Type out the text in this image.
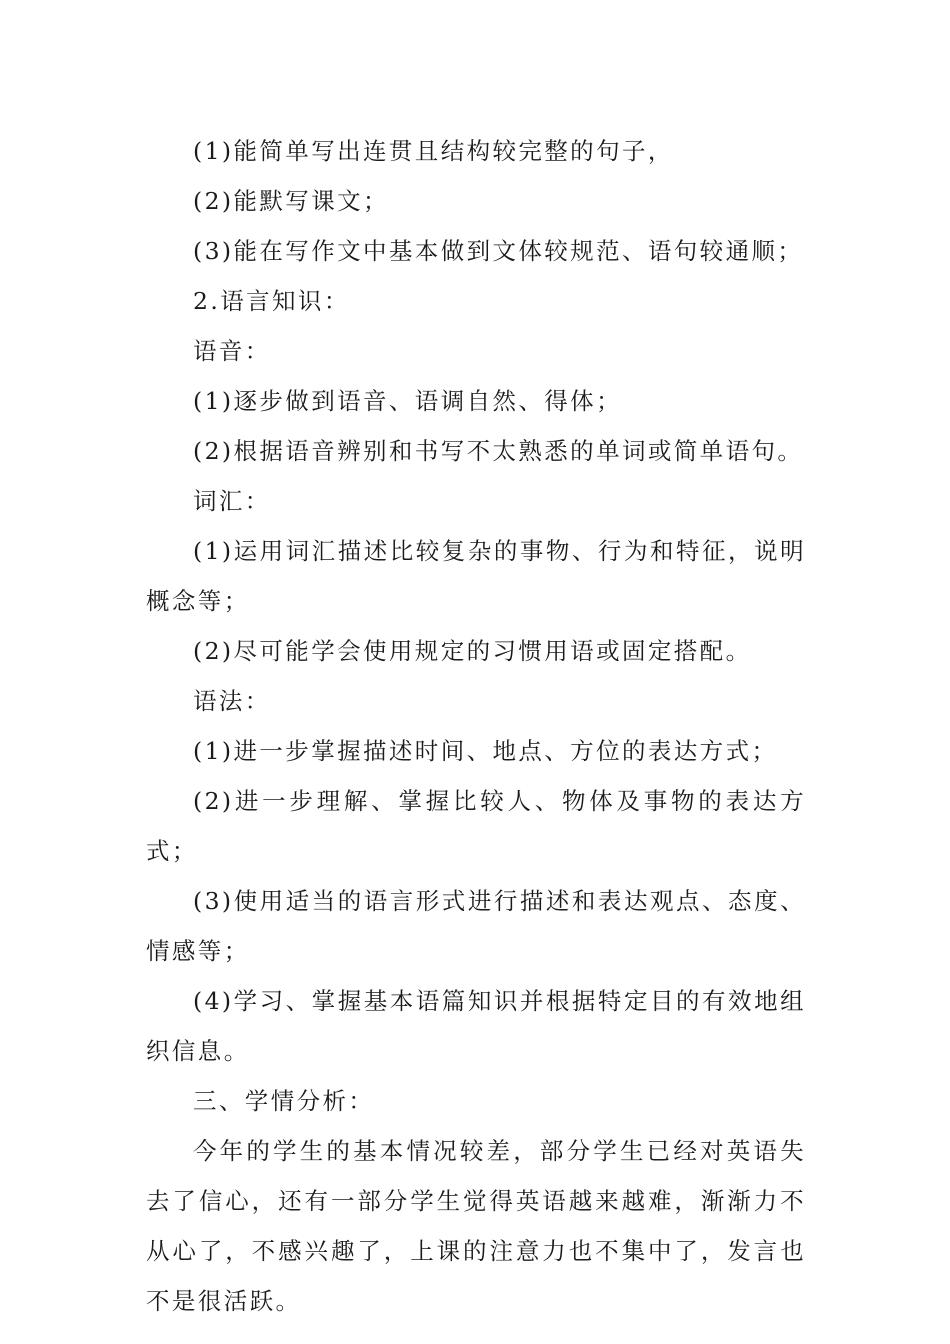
(1)能简单写出连贯且结构较完整的句子，

(2)能默写课文；

(3)能在写作文中基本做到文体较规范、语句较通顺；

2.语言知识：

语音：

(1)逐步做到语音、语调自然、得体；

(2)根据语音辨别和书写不太熟悉的单词或简单语句。

词汇：

(1)运用词汇描述比较复杂的事物、行为和特征，说明概念等；

(2)尽可能学会使用规定的习惯用语或固定搭配。

语法：

(1)进一步掌握描述时间、地点、方位的表达方式；

(2)进一步理解、掌握比较人、物体及事物的表达方式；

(3)使用适当的语言形式进行描述和表达观点、态度、情感等；

(4)学习、掌握基本语篇知识并根据特定目的有效地组织信息。

三、学情分析：

今年的学生的基本情况较差，部分学生已经对英语失去了信心，还有一部分学生觉得英语越来越难，渐渐力不从心了，不感兴趣了，上课的注意力也不集中了，发言也不是很活跃。
